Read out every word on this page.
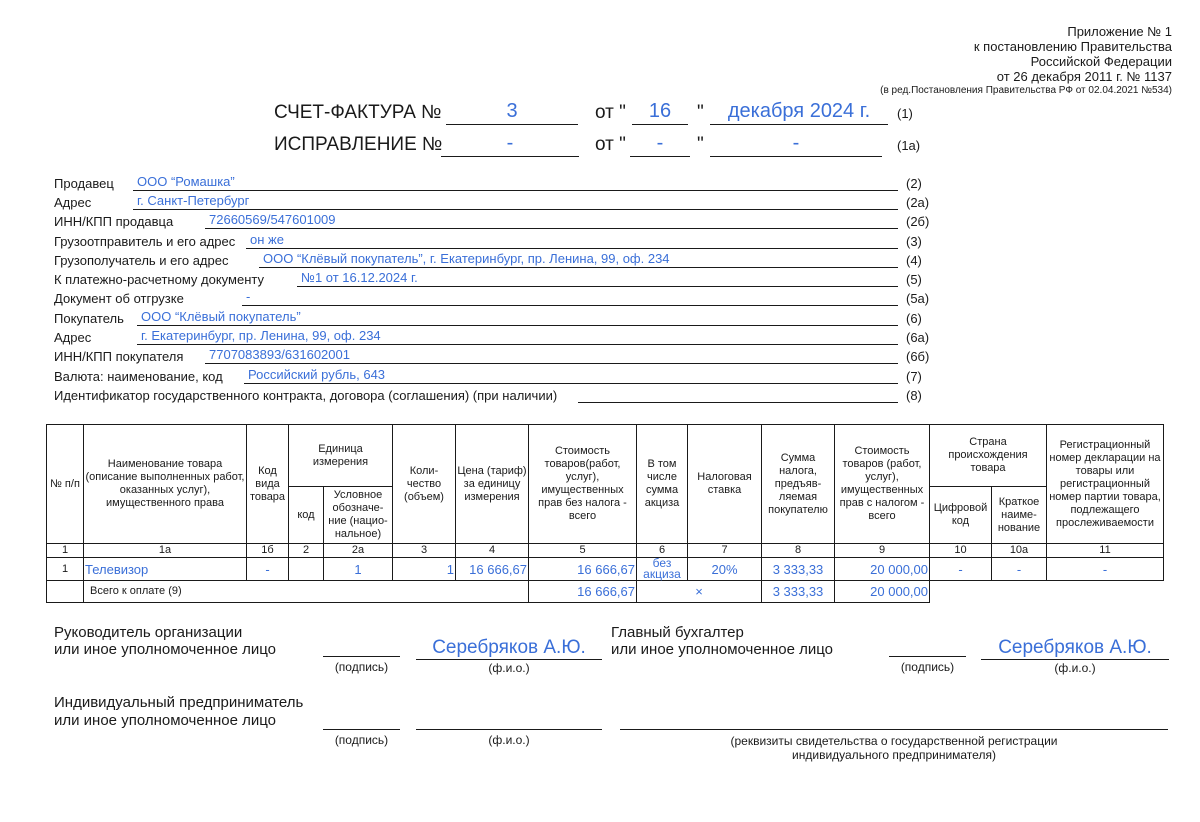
Приложение № 1
к постановлению Правительства
Российской Федерации
от 26 декабря 2011 г. № 1137
(в ред.Постановления Правительства РФ от 02.04.2021 №534)
СЧЕТ-ФАКТУРА №	3	от "	16	"	декабря 2024 г.	(1)
ИСПРАВЛЕНИЕ №	-	от "	-	"	-	(1а)
Продавец	ООО “Ромашка”	(2)
Адрес	г. Санкт-Петербург	(2а)
ИНН/КПП продавца	72660569/547601009	(2б)
Грузоотправитель и его адрес	он же	(3)
Грузополучатель и его адрес	ООО “Клёвый покупатель”, г. Екатеринбург, пр. Ленина, 99, оф. 234	(4)
К платежно-расчетному документу	№1 от 16.12.2024 г.	(5)
Документ об отгрузке	-	(5а)
Покупатель	ООО “Клёвый покупатель”	(6)
Адрес	г. Екатеринбург, пр. Ленина, 99, оф. 234	(6а)
ИНН/КПП покупателя	7707083893/631602001	(6б)
Валюта: наименование, код	Российский рубль, 643	(7)
Идентификатор государственного контракта, договора (соглашения) (при наличии)	(8)
№ п/п	Наименование товара (описание выполненных работ, оказанных услуг), имущественного права	Код вида товара	Единица измерения		Коли-чество (объем)	Цена (тариф) за единицу измерения	Стоимость товаров(работ, услуг), имущественных прав без налога - всего	В том числе сумма акциза	Налоговая ставка	Сумма налога, предъяв-ляемая покупателю	Стоимость товаров (работ, услуг), имущественных прав с налогом - всего	Страна происхождения товара		Регистрационный номер декларации на товары или регистрационный номер партии товара, подлежащего прослеживаемости
			код	Условное обозначе-ние (нацио-нальное)								Цифровой код	Краткое наиме-нование	
1	1а	1б	2	2а	3	4	5	6	7	8	9	10	10а	11
1	Телевизор	-		1	1	16 666,67	16 666,67	без акциза	20%	3 333,33	20 000,00	-	-	-
	Всего к оплате (9)						16 666,67	×		3 333,33	20 000,00			
Руководитель организации
или иное уполномоченное лицо
(подпись)
Серебряков А.Ю.
(ф.и.о.)
Главный бухгалтер
или иное уполномоченное лицо
(подпись)
Серебряков А.Ю.
(ф.и.о.)
Индивидуальный предприниматель
или иное уполномоченное лицо
(подпись)	(ф.и.о.)	(реквизиты свидетельства о государственной регистрации
индивидуального предпринимателя)
